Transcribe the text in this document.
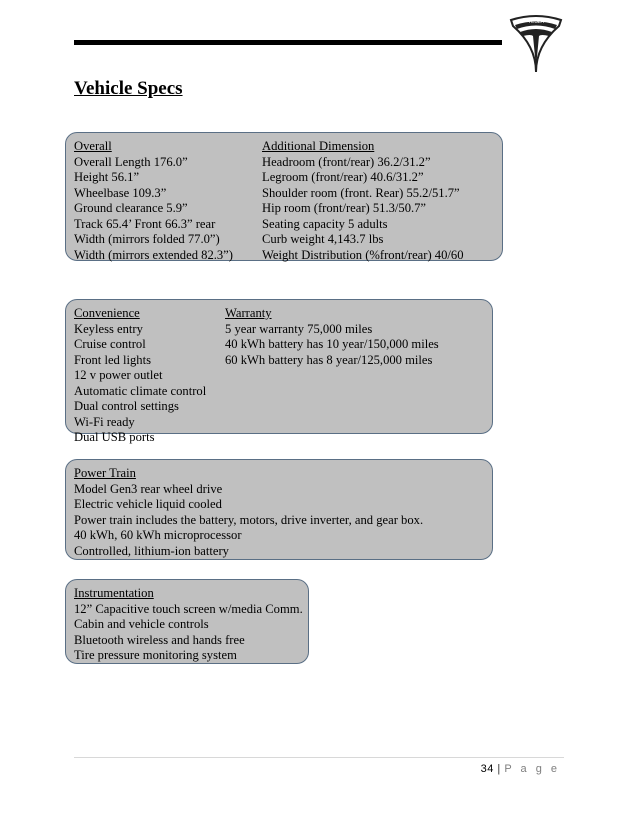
TESLA
Vehicle Specs
Overall
Overall Length 176.0”
Height 56.1”
Wheelbase 109.3”
Ground clearance 5.9”
Track 65.4’ Front 66.3” rear
Width (mirrors folded 77.0”)
Width (mirrors extended 82.3”)
Additional Dimension
Headroom (front/rear) 36.2/31.2”
Legroom (front/rear) 40.6/31.2”
Shoulder room (front. Rear) 55.2/51.7”
Hip room (front/rear) 51.3/50.7”
Seating capacity 5 adults
Curb weight 4,143.7 lbs
Weight Distribution (%front/rear) 40/60
Convenience
Keyless entry
Cruise control
Front led lights
12 v power outlet
Automatic climate control
Dual control settings
Wi-Fi ready
Dual USB ports
Warranty
5 year warranty 75,000 miles
40 kWh battery has 10 year/150,000 miles
60 kWh battery has 8 year/125,000 miles
Power Train
Model Gen3 rear wheel drive
Electric vehicle liquid cooled
Power train includes the battery, motors, drive inverter, and gear box.
40 kWh, 60 kWh microprocessor
Controlled, lithium-ion battery
Instrumentation
12” Capacitive touch screen w/media Comm.
Cabin and vehicle controls
Bluetooth wireless and hands free
Tire pressure monitoring system
34 | P a g e
